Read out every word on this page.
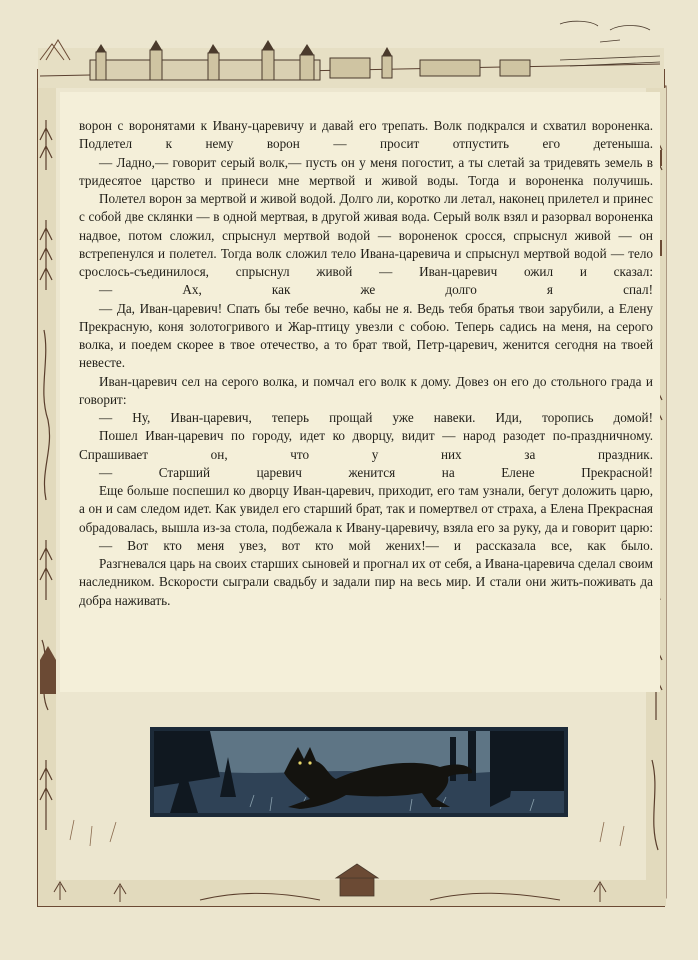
ворон с воронятами к Ивану-царевичу и давай его трепать. Волк подкрался и схватил вороненка. Подлетел к нему ворон — просит отпустить его детеныша.

— Ладно,— говорит серый волк,— пусть он у меня погостит, а ты слетай за тридевять земель в тридесятое царство и принеси мне мертвой и живой воды. Тогда и вороненка получишь.

Полетел ворон за мертвой и живой водой. Долго ли, коротко ли летал, наконец прилетел и принес с собой две склянки — в одной мертвая, в другой живая вода. Серый волк взял и разорвал вороненка надвое, потом сложил, спрыснул мертвой водой — вороненок сросся, спрыснул живой — он встрепенулся и полетел. Тогда волк сложил тело Ивана-царевича и спрыснул мертвой водой — тело срослось-съединилося, спрыснул живой — Иван-царевич ожил и сказал:

— Ах, как же долго я спал!

— Да, Иван-царевич! Спать бы тебе вечно, кабы не я. Ведь тебя братья твои зарубили, а Елену Прекрасную, коня золотогривого и Жар-птицу увезли с собою. Теперь садись на меня, на серого волка, и поедем скорее в твое отечество, а то брат твой, Петр-царевич, женится сегодня на твоей невесте.

Иван-царевич сел на серого волка, и помчал его волк к дому. Довез он его до стольного града и говорит:

— Ну, Иван-царевич, теперь прощай уже навеки. Иди, торопись домой!

Пошел Иван-царевич по городу, идет ко дворцу, видит — народ разодет по-праздничному. Спрашивает он, что у них за праздник.

— Старший царевич женится на Елене Прекрасной!

Еще больше поспешил ко дворцу Иван-царевич, приходит, его там узнали, бегут доложить царю, а он и сам следом идет. Как увидел его старший брат, так и помертвел от страха, а Елена Прекрасная обрадовалась, вышла из-за стола, подбежала к Ивану-царевичу, взяла его за руку, да и говорит царю:

— Вот кто меня увез, вот кто мой жених!— и рассказала все, как было.

Разгневался царь на своих старших сыновей и прогнал их от себя, а Ивана-царевича сделал своим наследником. Вскорости сыграли свадьбу и задали пир на весь мир. И стали они жить-поживать да добра наживать.
